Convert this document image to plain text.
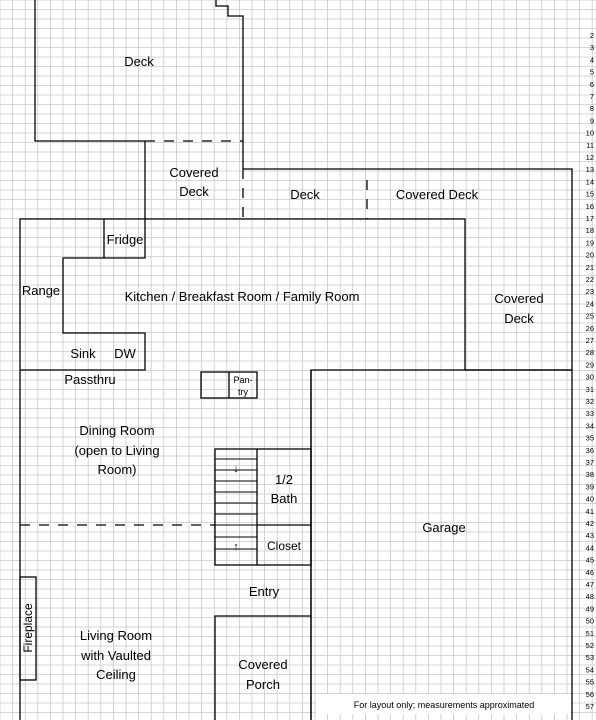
2
3
4
5
6
7
8
9
10
11
12
13
14
15
16
17
18
19
20
21
22
23
24
25
26
27
28
29
30
31
32
33
34
35
36
37
38
39
40
41
42
43
44
45
46
47
48
49
50
51
52
53
54
55
56
57
Deck
Covered
Deck	Deck	Covered Deck
Fridge
Range	Kitchen / Breakfast Room / Family Room	Covered
Deck
Sink DW
Passthru	Pan-
try
Dining Room
(open to Living
Room)
1/2
Bath
Garage
Closet
Entry
Living Room
with Vaulted
Ceiling
Covered
Porch
Fireplace
↓
↑
For layout only; measurements approximated
